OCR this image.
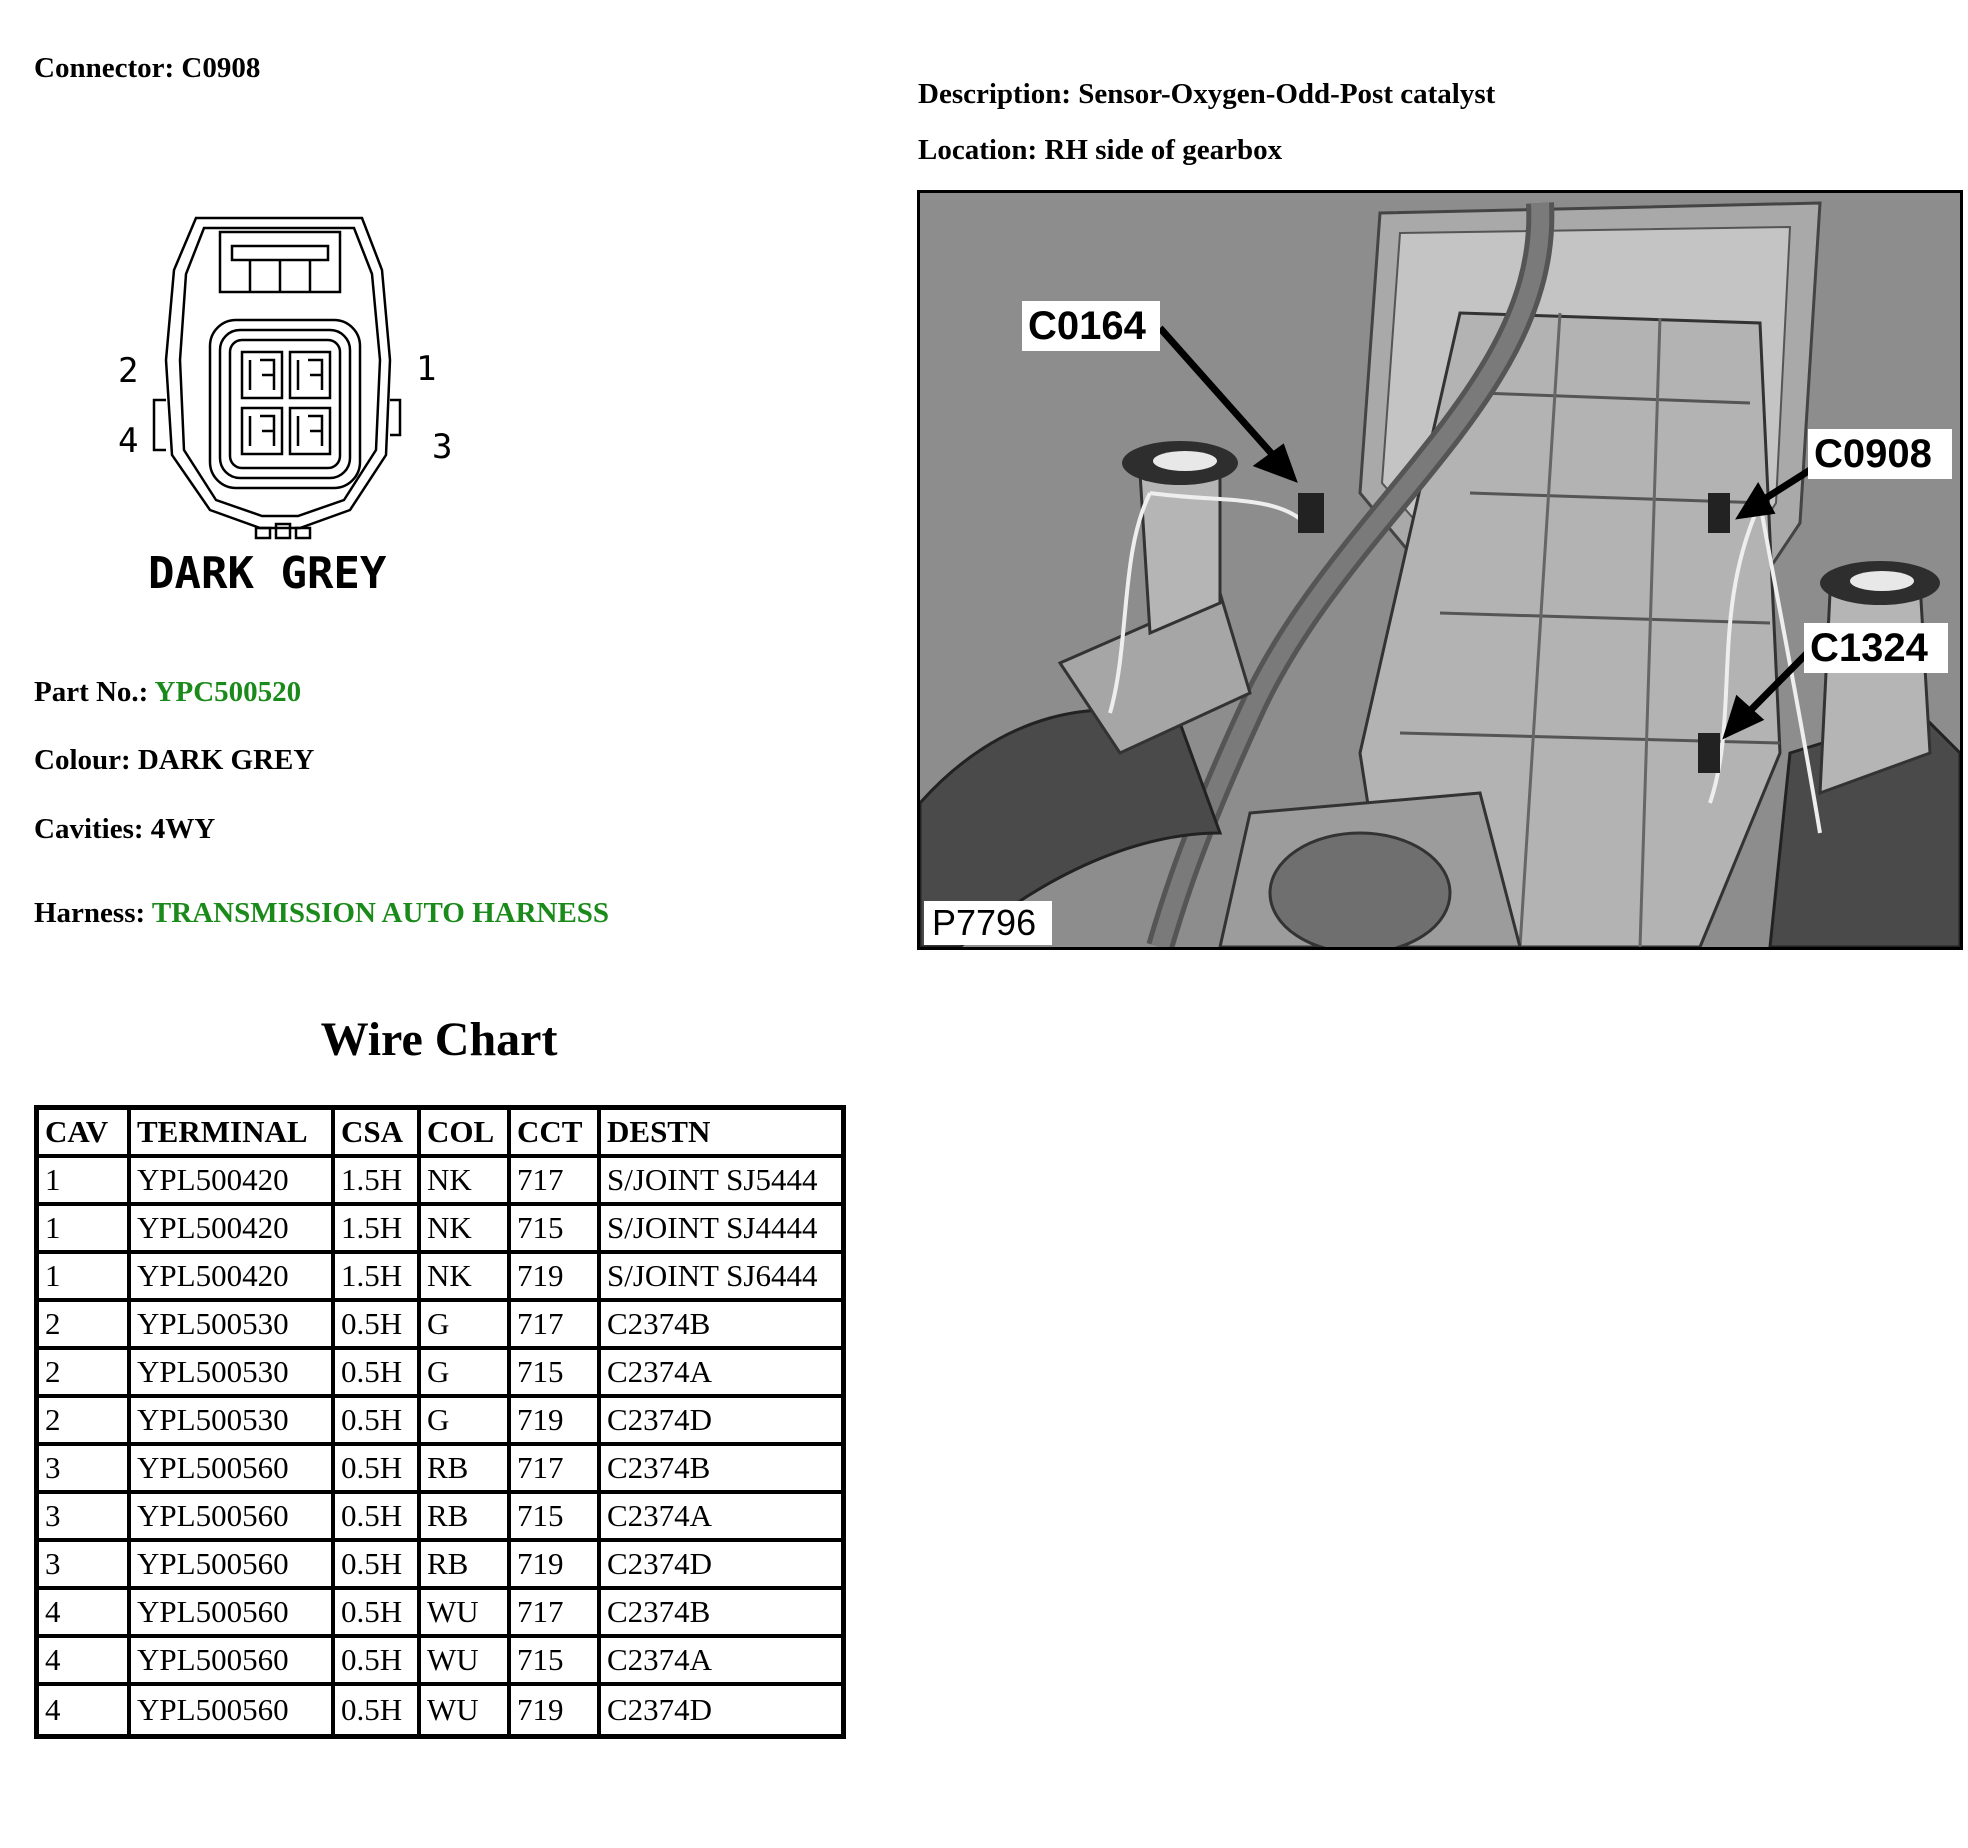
Connector: C0908
Description: Sensor-Oxygen-Odd-Post catalyst
Location: RH side of gearbox
1
2
3
4
DARK GREY
C0164
C0908
C1324
P7796
Part No.: YPC500520
Colour: DARK GREY
Cavities: 4WY
Harness: TRANSMISSION AUTO HARNESS
Wire Chart
CAV	TERMINAL	CSA	COL	CCT	DESTN
1	YPL500420	1.5H	NK	717	S/JOINT SJ5444
1	YPL500420	1.5H	NK	715	S/JOINT SJ4444
1	YPL500420	1.5H	NK	719	S/JOINT SJ6444
2	YPL500530	0.5H	G	717	C2374B
2	YPL500530	0.5H	G	715	C2374A
2	YPL500530	0.5H	G	719	C2374D
3	YPL500560	0.5H	RB	717	C2374B
3	YPL500560	0.5H	RB	715	C2374A
3	YPL500560	0.5H	RB	719	C2374D
4	YPL500560	0.5H	WU	717	C2374B
4	YPL500560	0.5H	WU	715	C2374A
4	YPL500560	0.5H	WU	719	C2374D
